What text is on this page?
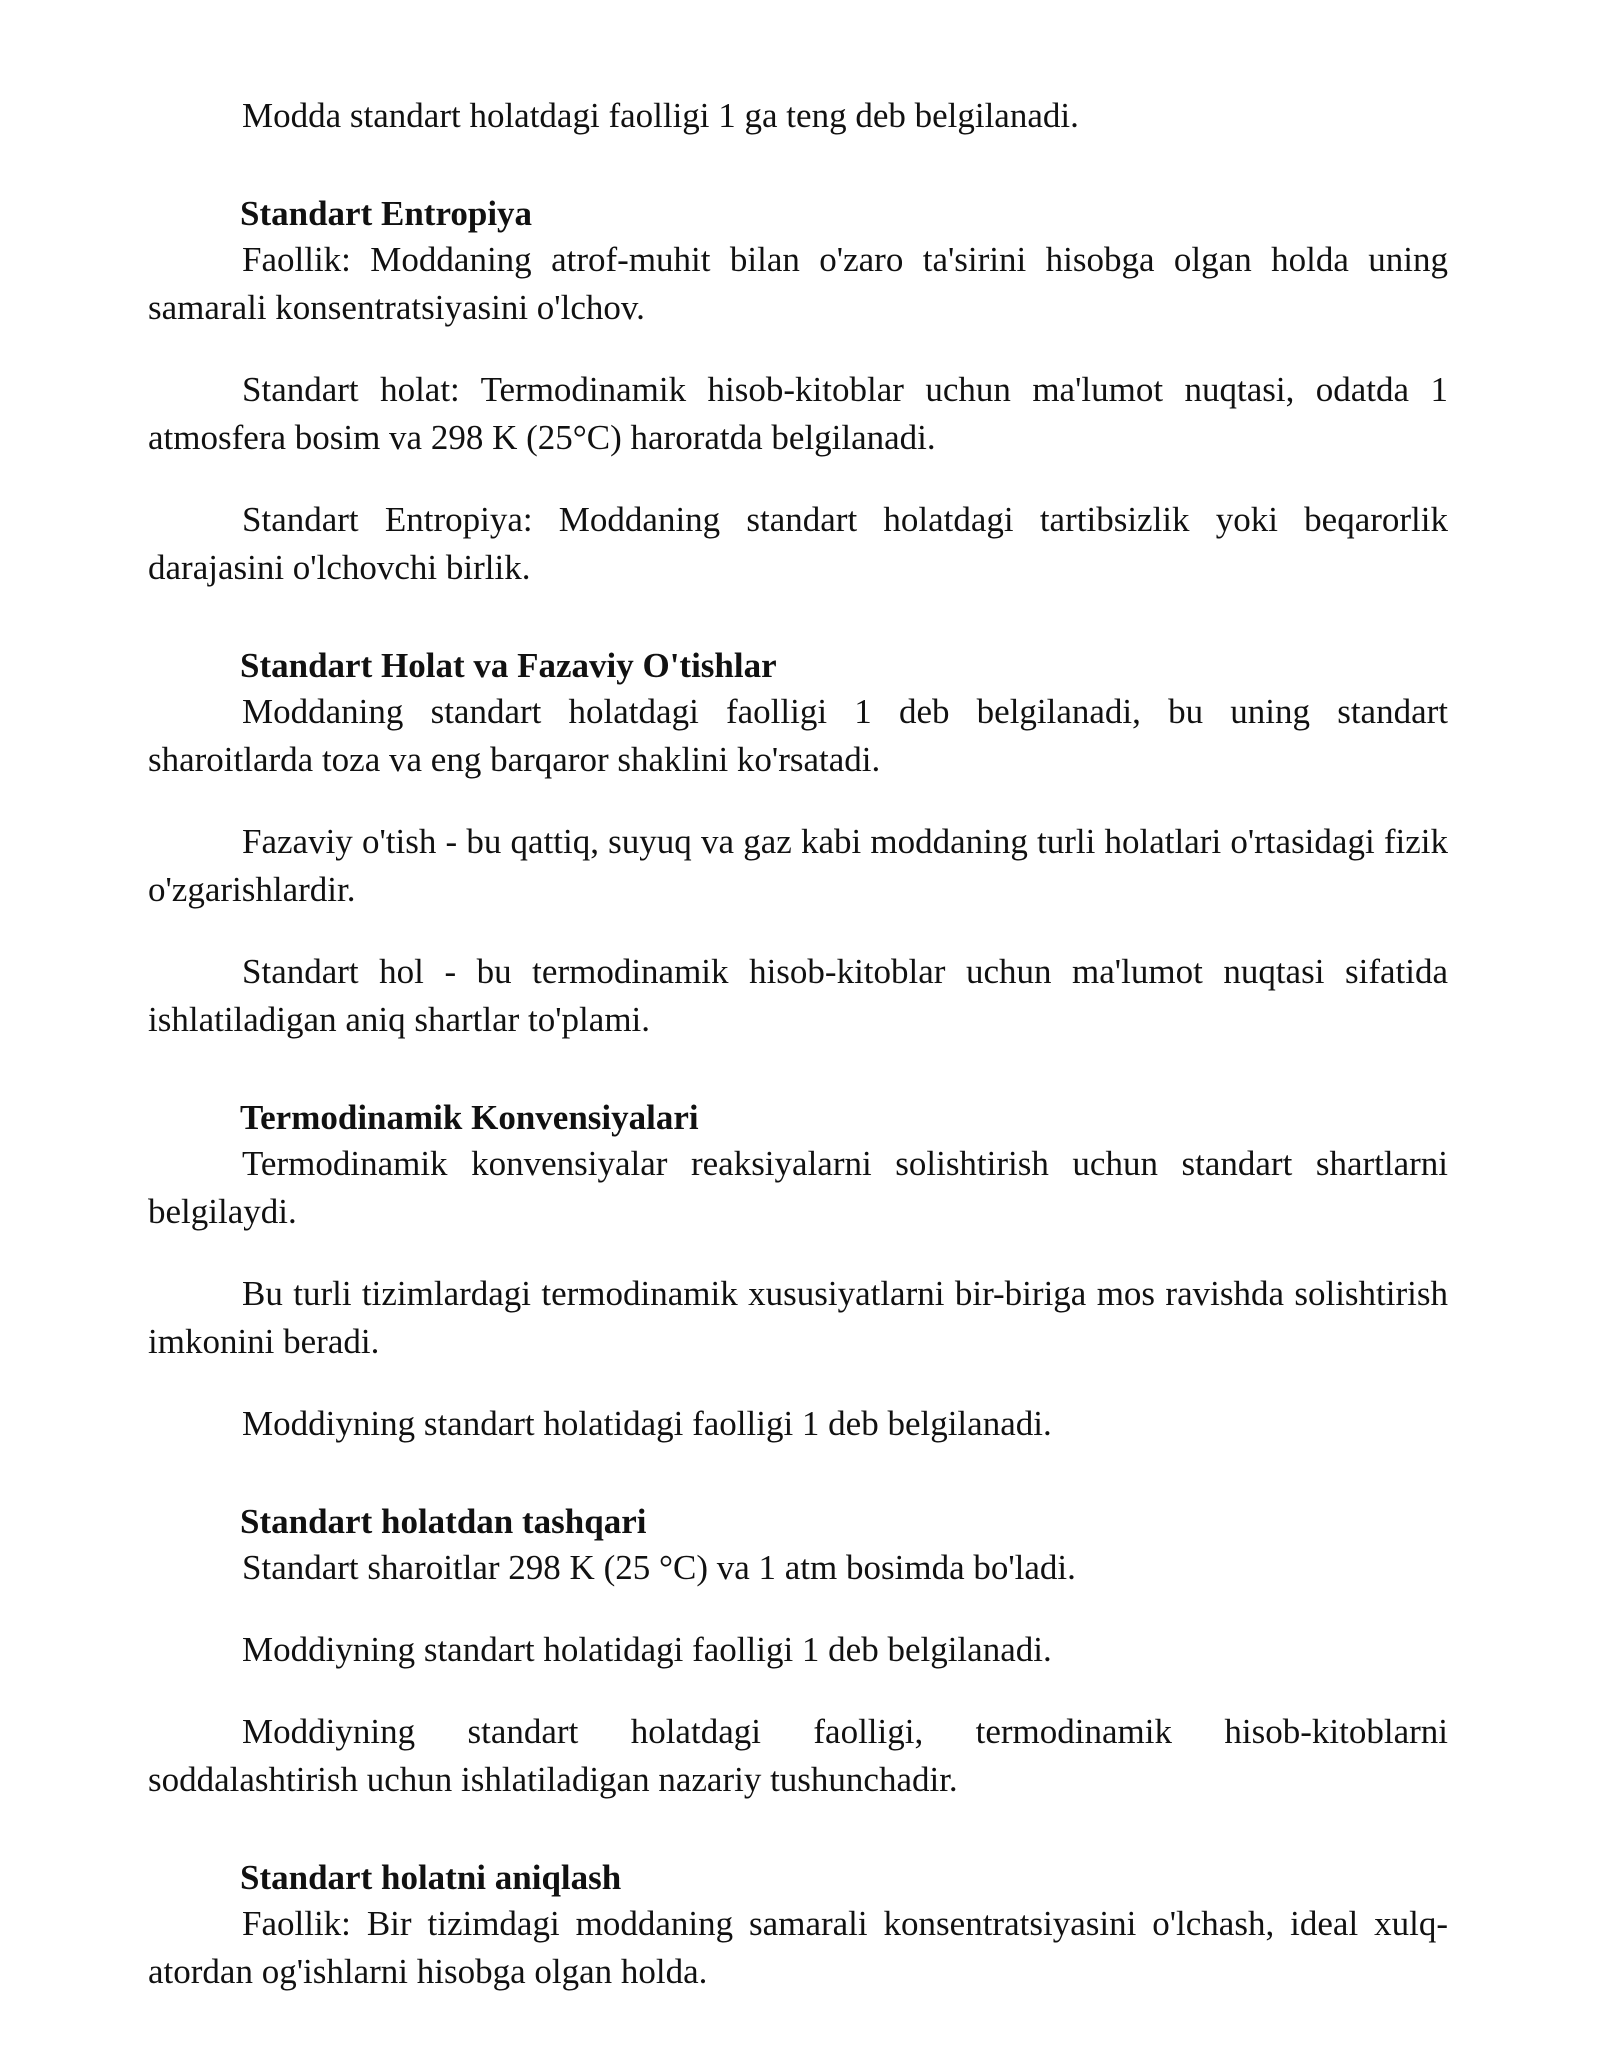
Modda standart holatdagi faolligi 1 ga teng deb belgilanadi.

Standart Entropiya

Faollik: Moddaning atrof-muhit bilan o'zaro ta'sirini hisobga olgan holda uning samarali konsentratsiyasini o'lchov.

Standart holat: Termodinamik hisob-kitoblar uchun ma'lumot nuqtasi, odatda 1 atmosfera bosim va 298 K (25°C) haroratda belgilanadi.

Standart Entropiya: Moddaning standart holatdagi tartibsizlik yoki beqarorlik darajasini o'lchovchi birlik.

Standart Holat va Fazaviy O'tishlar

Moddaning standart holatdagi faolligi 1 deb belgilanadi, bu uning standart sharoitlarda toza va eng barqaror shaklini ko'rsatadi.

Fazaviy o'tish - bu qattiq, suyuq va gaz kabi moddaning turli holatlari o'rtasidagi fizik o'zgarishlardir.

Standart hol - bu termodinamik hisob-kitoblar uchun ma'lumot nuqtasi sifatida ishlatiladigan aniq shartlar to'plami.

Termodinamik Konvensiyalari

Termodinamik konvensiyalar reaksiyalarni solishtirish uchun standart shartlarni belgilaydi.

Bu turli tizimlardagi termodinamik xususiyatlarni bir-biriga mos ravishda solishtirish imkonini beradi.

Moddiyning standart holatidagi faolligi 1 deb belgilanadi.

Standart holatdan tashqari

Standart sharoitlar 298 K (25 °C) va 1 atm bosimda bo'ladi.

Moddiyning standart holatidagi faolligi 1 deb belgilanadi.

Moddiyning standart holatdagi faolligi, termodinamik hisob-kitoblarni soddalashtirish uchun ishlatiladigan nazariy tushunchadir.

Standart holatni aniqlash

Faollik: Bir tizimdagi moddaning samarali konsentratsiyasini o'lchash, ideal xulq-atordan og'ishlarni hisobga olgan holda.
